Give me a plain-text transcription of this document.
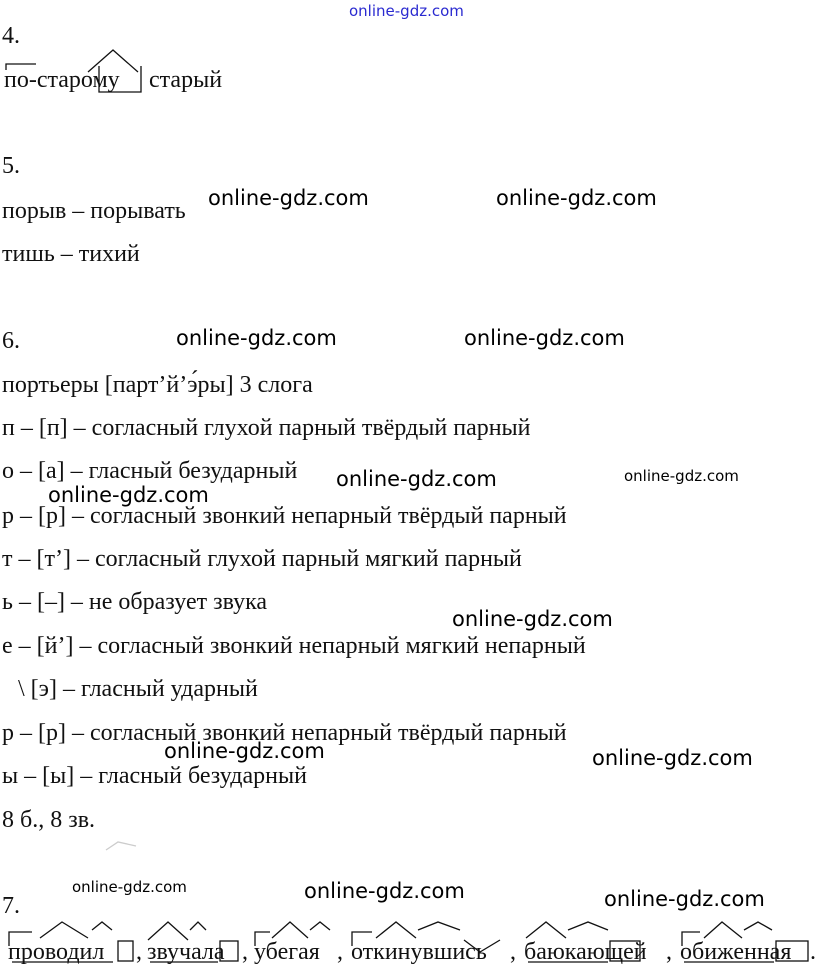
online-gdz.com
4.
по-старому старый
5.
порыв – порывать
тишь – тихий
6.
портьеры [парт’й’э́ры] 3 слога
п – [п] – согласный глухой парный твёрдый парный
о – [а] – гласный безударный
р – [р] – согласный звонкий непарный твёрдый парный
т – [т’] – согласный глухой парный мягкий парный
ь – [–] – не образует звука
е – [й’] – согласный звонкий непарный мягкий непарный
\ [э] – гласный ударный
р – [р] – согласный звонкий непарный твёрдый парный
ы – [ы] – гласный безударный
8 б., 8 зв.
7.
проводил , звучала , убегая , откинувшись , баюкающей , обиженная .
online-gdz.com	online-gdz.com
online-gdz.com	online-gdz.com
online-gdz.com	online-gdz.com
online-gdz.com
online-gdz.com
online-gdz.com	online-gdz.com
online-gdz.com	online-gdz.com	online-gdz.com
